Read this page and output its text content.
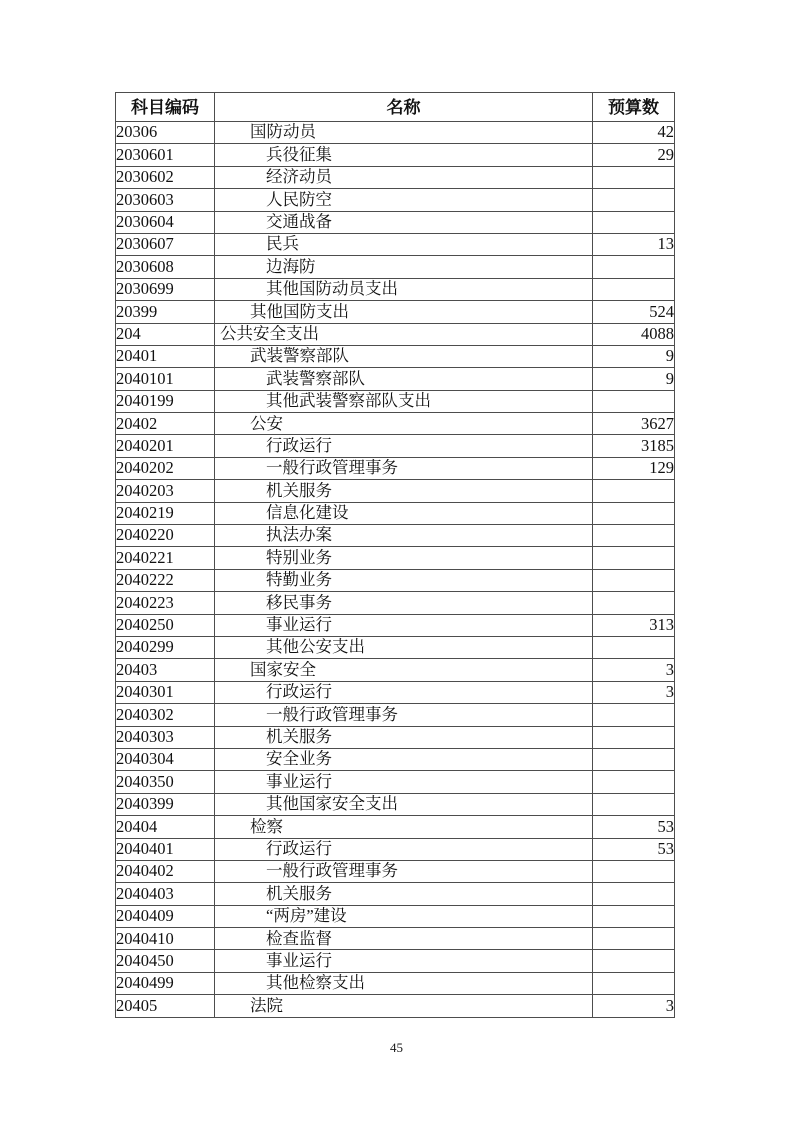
科目编码	名称	预算数
20306	国防动员	42
2030601	兵役征集	29
2030602	经济动员	
2030603	人民防空	
2030604	交通战备	
2030607	民兵	13
2030608	边海防	
2030699	其他国防动员支出	
20399	其他国防支出	524
204	公共安全支出	4088
20401	武装警察部队	9
2040101	武装警察部队	9
2040199	其他武装警察部队支出	
20402	公安	3627
2040201	行政运行	3185
2040202	一般行政管理事务	129
2040203	机关服务	
2040219	信息化建设	
2040220	执法办案	
2040221	特别业务	
2040222	特勤业务	
2040223	移民事务	
2040250	事业运行	313
2040299	其他公安支出	
20403	国家安全	3
2040301	行政运行	3
2040302	一般行政管理事务	
2040303	机关服务	
2040304	安全业务	
2040350	事业运行	
2040399	其他国家安全支出	
20404	检察	53
2040401	行政运行	53
2040402	一般行政管理事务	
2040403	机关服务	
2040409	“两房”建设	
2040410	检查监督	
2040450	事业运行	
2040499	其他检察支出	
20405	法院	3
45
